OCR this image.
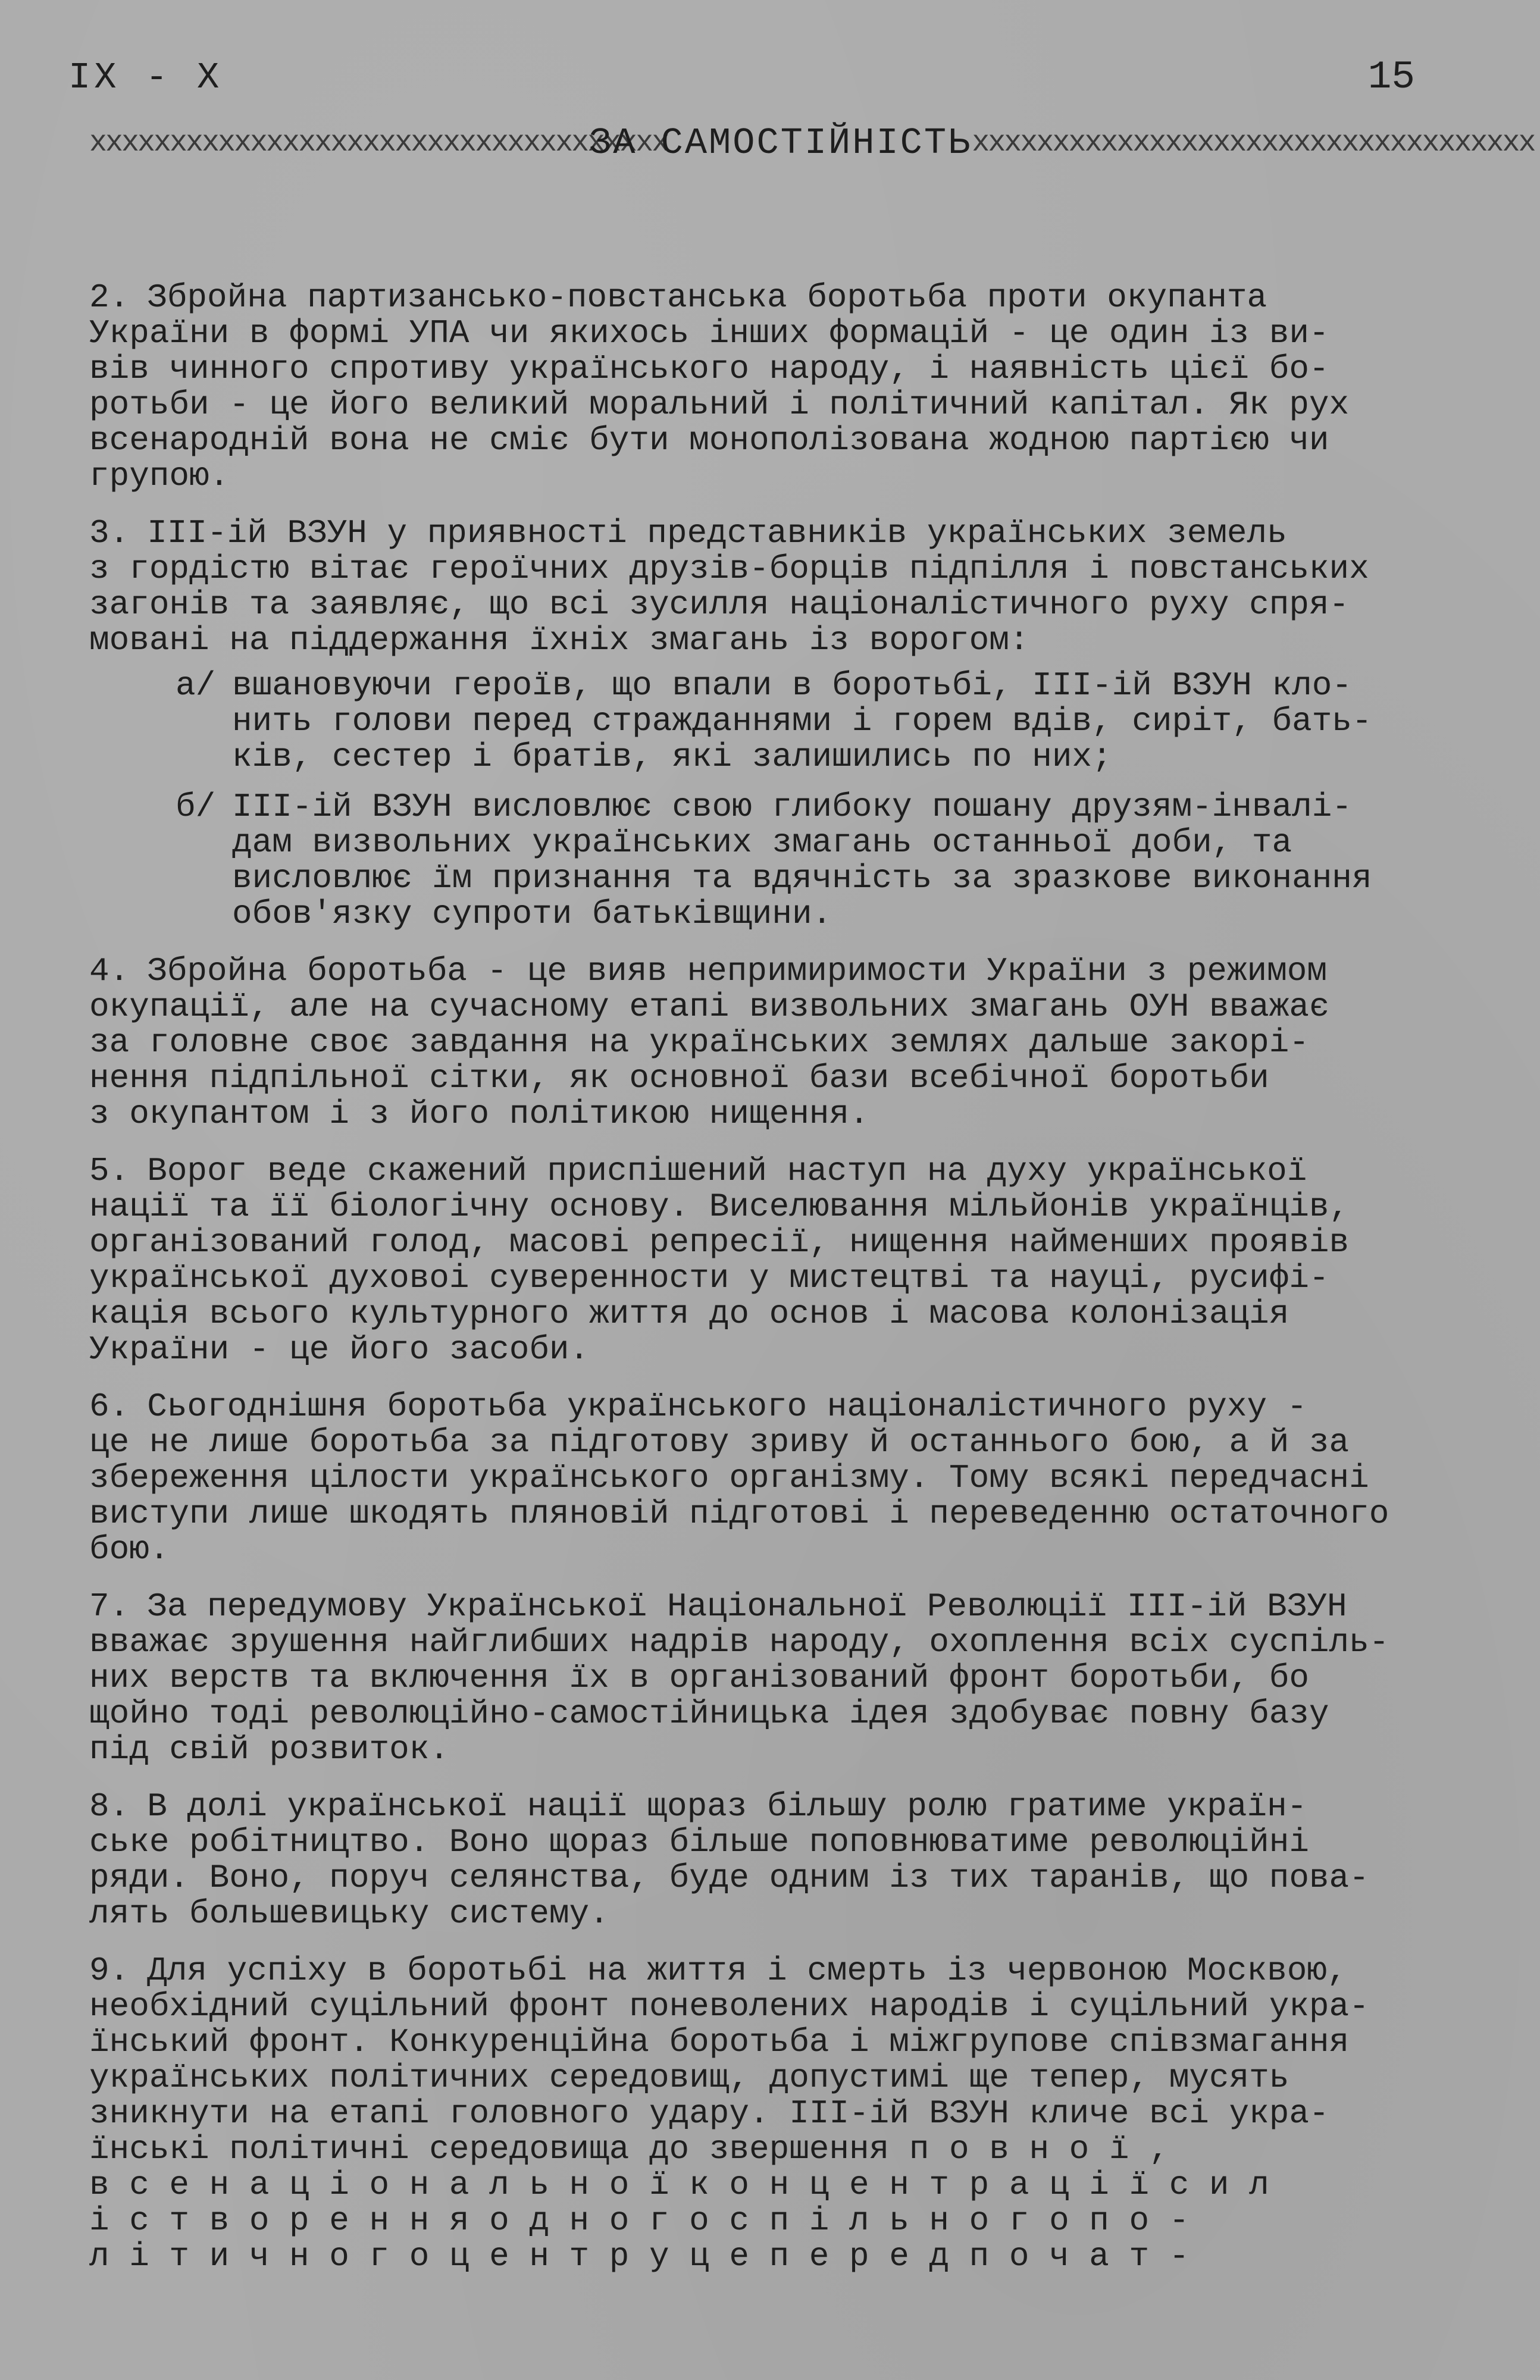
IX - X	15
xxxxxxxxxxxxxxxxxxxxxxxxxxxxxxxxxxxx
ЗА САМОСТІЙНІСТЬ xxxxxxxxxxxxxxxxxxxxxxxxxxxxxxxxxxx
2. Збройна партизансько-повстанська боротьба проти окупанта
України в формі УПА чи якихось інших формацій - це один із ви-
вів чинного спротиву українського народу, і наявність цієї бо-
ротьби - це його великий моральний і політичний капітал. Як рух
всенародній вона не сміє бути монополізована жодною партією чи
групою.
3. III-ій ВЗУН у приявності представників українських земель
з гордістю вітає героїчних друзів-борців підпілля і повстанських
загонів та заявляє, що всі зусилля націоналістичного руху спря-
мовані на піддержання їхніх змагань із ворогом:
а/ вшановуючи героїв, що впали в боротьбі, III-ій ВЗУН кло-
нить голови перед стражданнями і горем вдів, сиріт, бать-
ків, сестер і братів, які залишились по них;
б/ III-ій ВЗУН висловлює свою глибоку пошану друзям-інвалі-
дам визвольних українських змагань останньої доби, та
висловлює їм признання та вдячність за зразкове виконання
обов'язку супроти батьківщини.
4. Збройна боротьба - це вияв непримиримости України з режимом
окупації, але на сучасному етапі визвольних змагань ОУН вважає
за головне своє завдання на українських землях дальше закорі-
нення підпільної сітки, як основної бази всебічної боротьби
з окупантом і з його політикою нищення.
5. Ворог веде скажений приспішений наступ на духу української
нації та її біологічну основу. Виселювання мільйонів українців,
організований голод, масові репресії, нищення найменших проявів
української духовоі суверенности у мистецтві та науці, русифі-
кація всього культурного життя до основ і масова колонізація
України - це його засоби.
6. Сьогоднішня боротьба українського націоналістичного руху -
це не лише боротьба за підготову зриву й останнього бою, а й за
збереження цілости українського організму. Тому всякі передчасні
виступи лише шкодять пляновій підготові і переведенню остаточного
бою.
7. За передумову Української Національної Революції III-ій ВЗУН
вважає зрушення найглибших надрів народу, охоплення всіх суспіль-
них верств та включення їх в організований фронт боротьби, бо
щойно тоді революційно-самостійницька ідея здобуває повну базу
під свій розвиток.
8. В долі української нації щораз більшу ролю гратиме україн-
ське робітництво. Воно щораз більше поповнюватиме революційні
ряди. Воно, поруч селянства, буде одним із тих таранів, що пова-
лять большевицьку систему.
9. Для успіху в боротьбі на життя і смерть із червоною Москвою,
необхідний суцільний фронт поневолених народів і суцільний укра-
їнський фронт. Конкуренційна боротьба і міжгрупове співзмагання
українських політичних середовищ, допустимі ще тепер, мусять
зникнути на етапі головного удару. III-ій ВЗУН кличе всі укра-
їнські політичні середовища до звершення п о в н о ї ,
в с е н а ц і о н а л ь н о ї к о н ц е н т р а ц і ї с и л
і с т в о р е н н я о д н о г о с п і л ь н о г о п о -
л і т и ч н о г о ц е н т р у ц е п е р е д п о ч а т -
